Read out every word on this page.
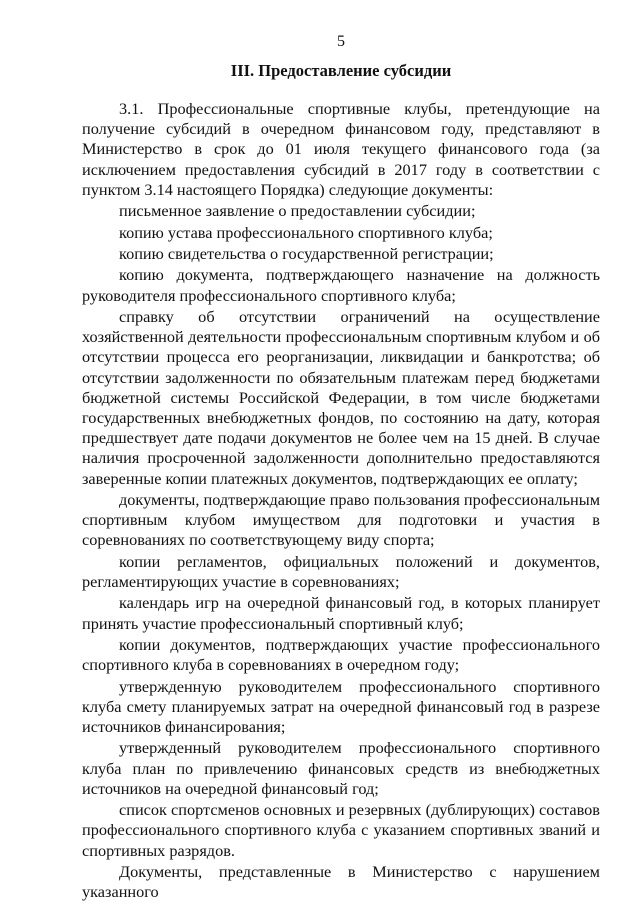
5
III. Предоставление субсидии

3.1. Профессиональные спортивные клубы, претендующие на получение субсидий в очередном финансовом году, представляют в Министерство в срок до 01 июля текущего финансового года (за исключением предоставления субсидий в 2017 году в соответствии с пунктом 3.14 настоящего Порядка) следующие документы:

письменное заявление о предоставлении субсидии;

копию устава профессионального спортивного клуба;

копию свидетельства о государственной регистрации;

копию документа, подтверждающего назначение на должность руководителя профессионального спортивного клуба;

справку об отсутствии ограничений на осуществление хозяйственной деятельности профессиональным спортивным клубом и об отсутствии процесса его реорганизации, ликвидации и банкротства; об отсутствии задолженности по обязательным платежам перед бюджетами бюджетной системы Российской Федерации, в том числе бюджетами государственных внебюджетных фондов, по состоянию на дату, которая предшествует дате подачи документов не более чем на 15 дней. В случае наличия просроченной задолженности дополнительно предоставляются заверенные копии платежных документов, подтверждающих ее оплату;

документы, подтверждающие право пользования профессиональным спортивным клубом имуществом для подготовки и участия в соревнованиях по соответствующему виду спорта;

копии регламентов, официальных положений и документов, регламентирующих участие в соревнованиях;

календарь игр на очередной финансовый год, в которых планирует принять участие профессиональный спортивный клуб;

копии документов, подтверждающих участие профессионального спортивного клуба в соревнованиях в очередном году;

утвержденную руководителем профессионального спортивного клуба смету планируемых затрат на очередной финансовый год в разрезе источников финансирования;

утвержденный руководителем профессионального спортивного клуба план по привлечению финансовых средств из внебюджетных источников на очередной финансовый год;

список спортсменов основных и резервных (дублирующих) составов профессионального спортивного клуба с указанием спортивных званий и спортивных разрядов.

Документы, представленные в Министерство с нарушением указанного
